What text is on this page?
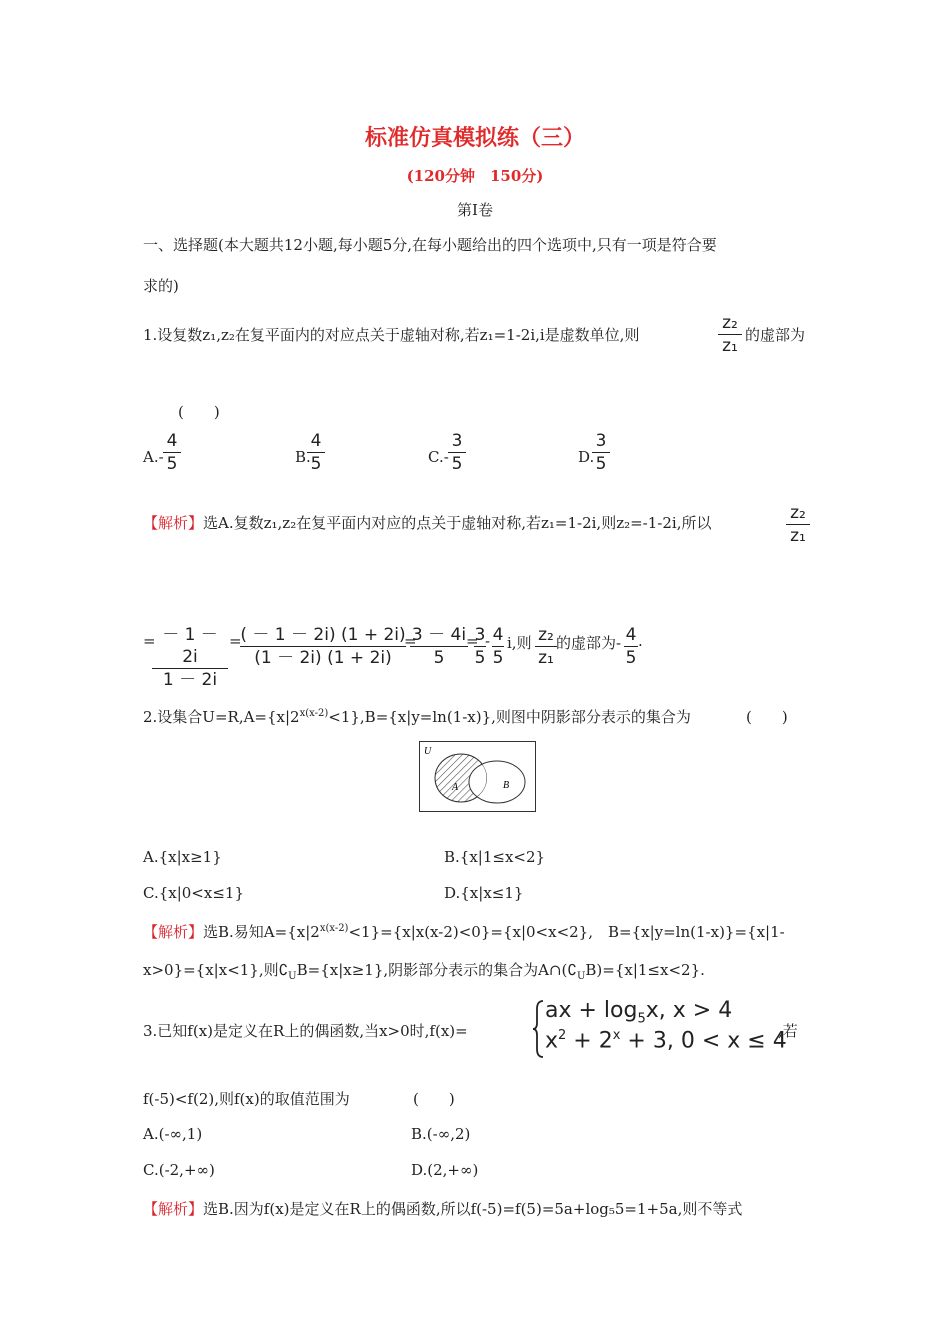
标准仿真模拟练（三）
(120分钟　150分)
第Ⅰ卷
一、选择题(本大题共12小题,每小题5分,在每小题给出的四个选项中,只有一项是符合要
求的)
1.设复数z₁,z₂在复平面内的对应点关于虚轴对称,若z₁=1-2i,i是虚数单位,则
z₂
z₁
的虚部为
(　　)
A.-
4
5	B.
4
5	C.-
3
5	D.
3
5
【解析】选A.复数z₁,z₂在复平面内对应的点关于虚轴对称,若z₁=1-2i,则z₂=-1-2i,所以	z₂
z₁
= － 1 － 2i
1 － 2i
=
( － 1 － 2i) (1 + 2i)
(1 － 2i) (1 + 2i)
=
3 － 4i
5
=
3
5
- 4
5
i,则 z₂
z₁
的虚部为- 4
5
.
2.设集合$U=R,A=\{x|2^{x(x-2)}<1\},B=\{x|y=\ln(1-x)\}$,则图中阴影部分表示的集合为	(　　)
U
A	B
A.{x|x≥1}	B.{x|1≤x<2}
C.{x|0<x≤1}	D.{x|x≤1}
【解析】选B.易知$A=\{x|2^{x(x-2)}<1\}=\{x|x(x-2)<0\}=\{x|0<x<2\}$,　B={x|y=ln(1-x)}={x|1-
x>0}={x|x<1},则$∁_UB=\{x|x\ge 1\}$,阴影部分表示的集合为$A\cap(∁_UB)=\{x|1\le x<2\}$.
3.已知f(x)是定义在R上的偶函数,当x>0时,f(x)=
ax + $\log_5x$, x > 4
$x^2 + 2^x + 3$, 0 < x ≤ 4
,若
f(-5)<f(2),则f(x)的取值范围为	(　　)
A.(-∞,1)	B.(-∞,2)
C.(-2,+∞)	D.(2,+∞)
【解析】选B.因为f(x)是定义在R上的偶函数,所以f(-5)=f(5)=5a+log₅5=1+5a,则不等式
